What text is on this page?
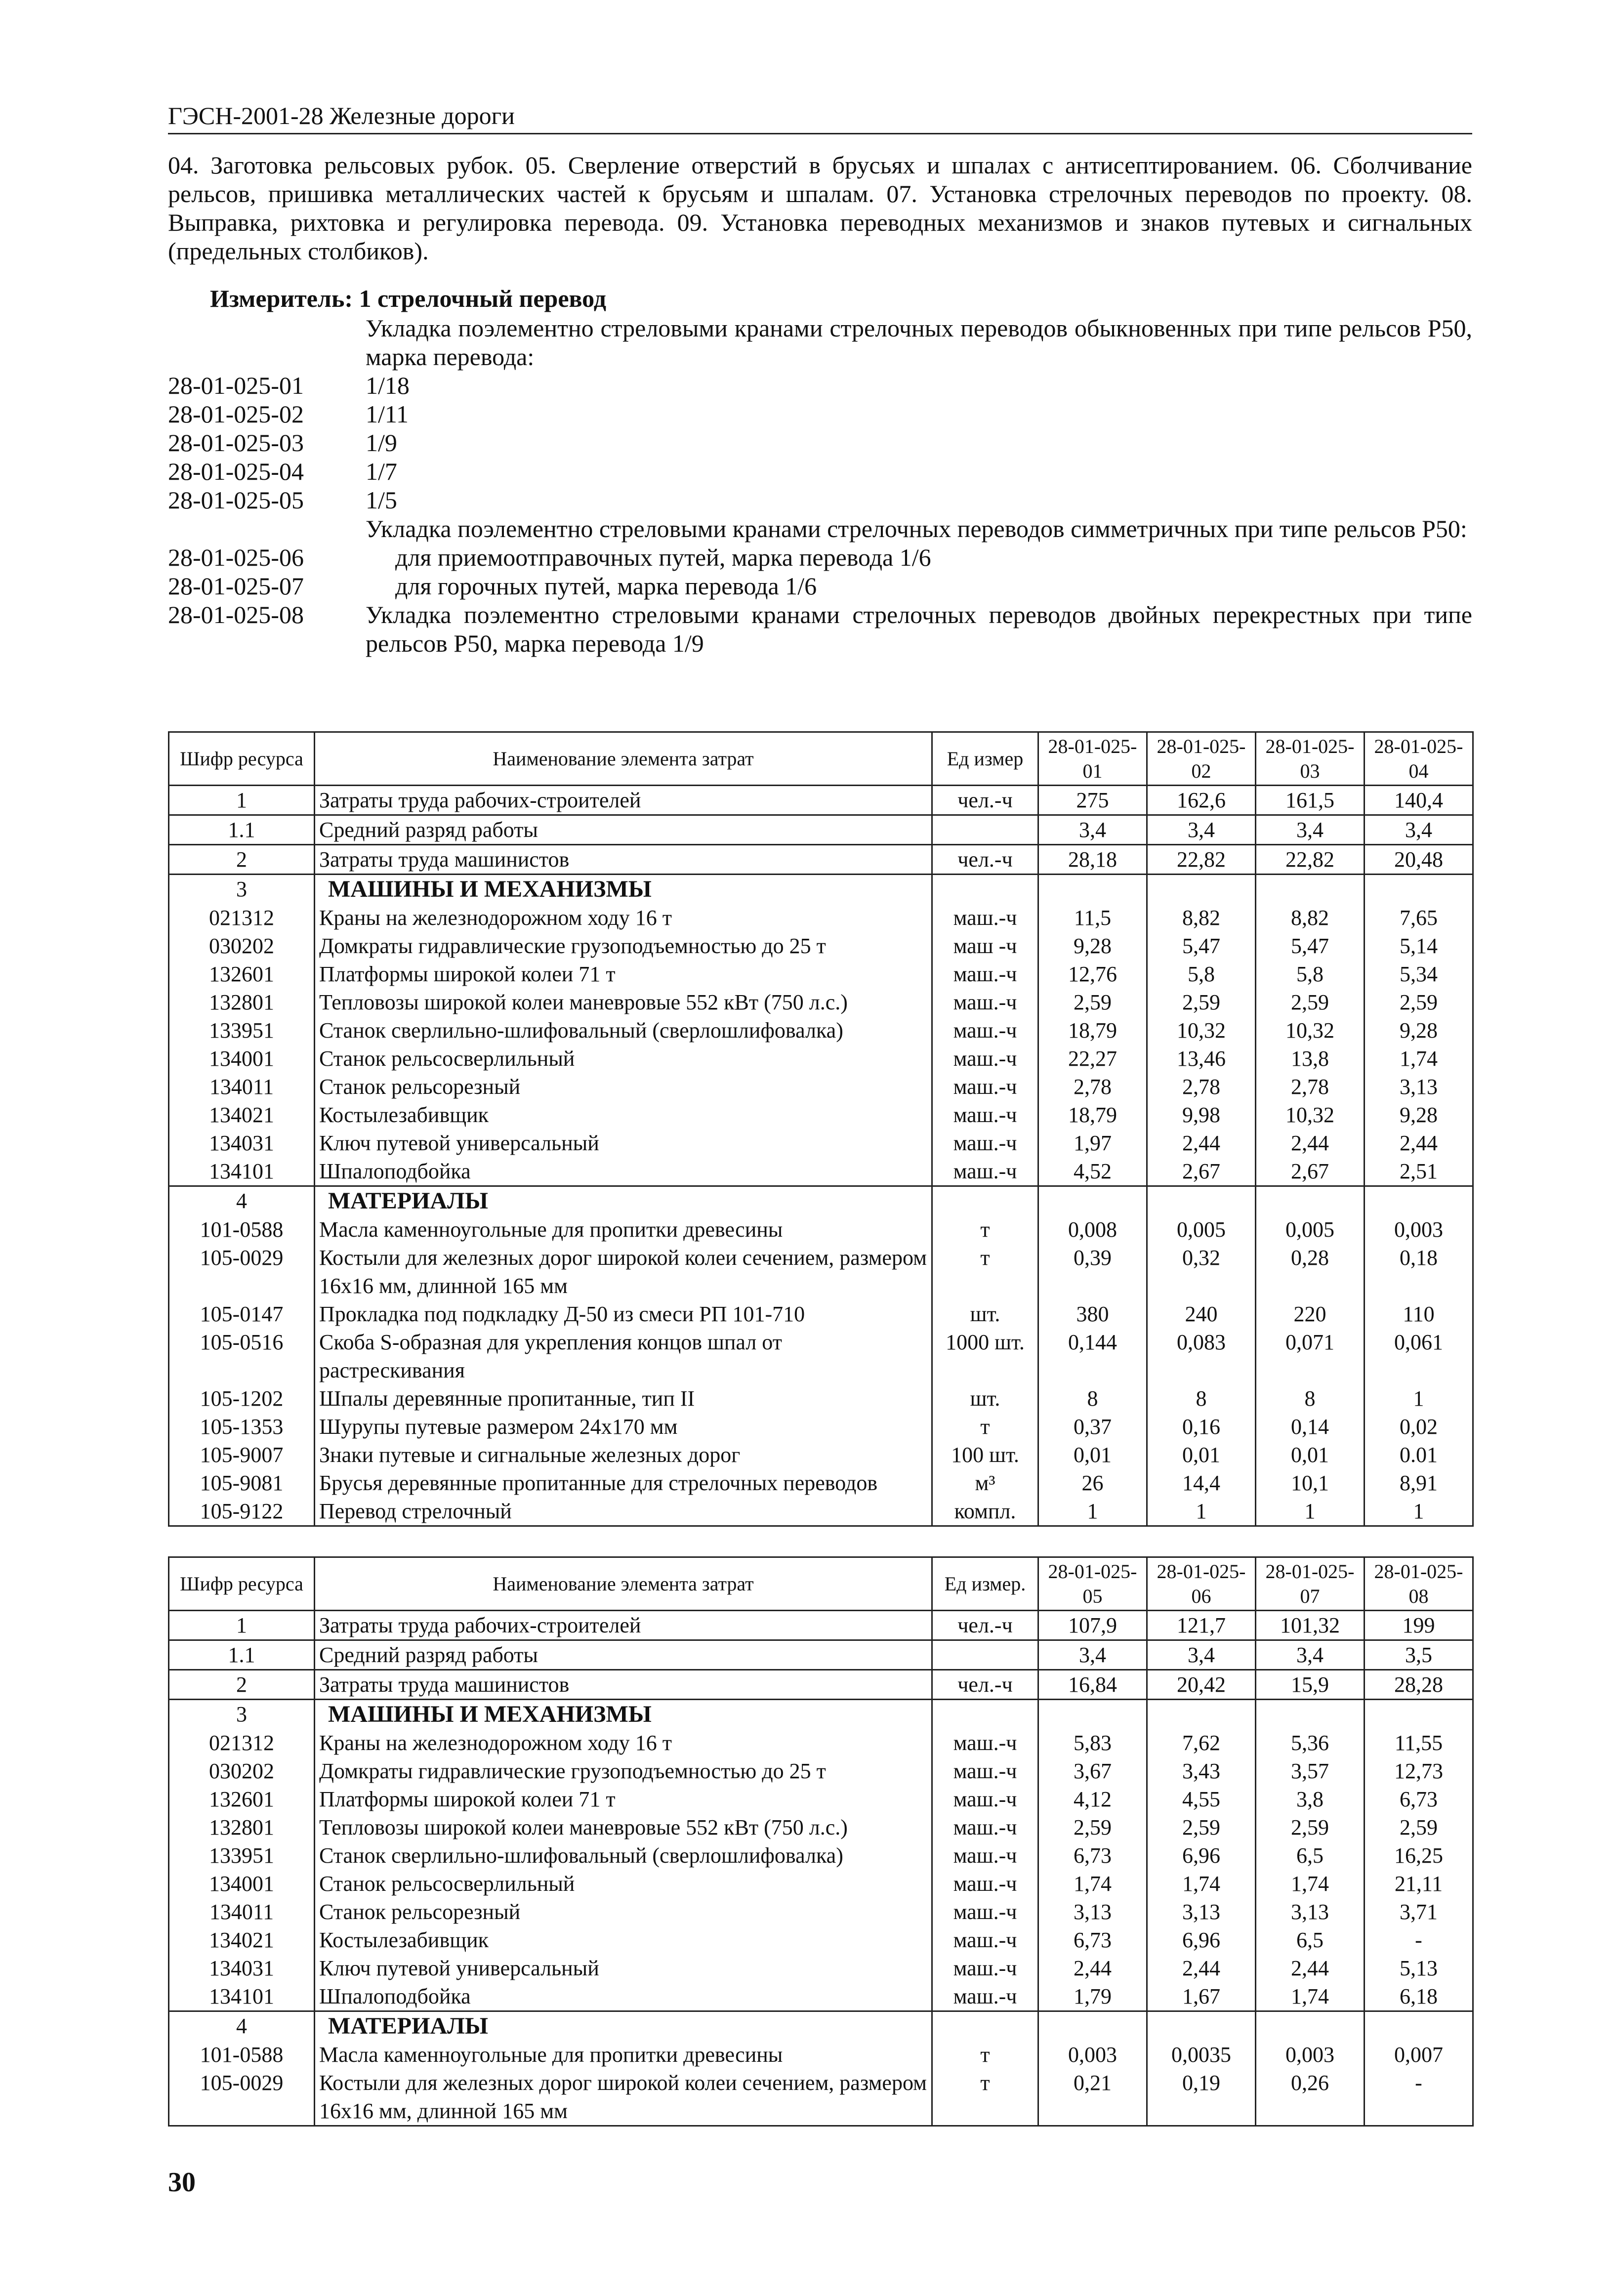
ГЭСН-2001-28 Железные дороги
04. Заготовка рельсовых рубок. 05. Сверление отверстий в брусьях и шпалах с антисептированием. 06. Сболчивание рельсов, пришивка металлических частей к брусьям и шпалам. 07. Установка стрелочных переводов по проекту. 08. Выправка, рихтовка и регулировка перевода. 09. Установка переводных механизмов и знаков путевых и сигнальных (предельных столбиков).
Измеритель: 1 стрелочный перевод
Укладка поэлементно стреловыми кранами стрелочных переводов обыкновенных при типе рельсов Р50, марка перевода:
28-01-025-01	1/18
28-01-025-02	1/11
28-01-025-03	1/9
28-01-025-04	1/7
28-01-025-05	1/5
Укладка поэлементно стреловыми кранами стрелочных переводов симметричных при типе рельсов Р50:
28-01-025-06	для приемоотправочных путей, марка перевода 1/6
28-01-025-07	для горочных путей, марка перевода 1/6
28-01-025-08	Укладка поэлементно стреловыми кранами стрелочных переводов двойных перекрестных при типе рельсов Р50, марка перевода 1/9
Шифр ресурса	Наименование элемента затрат	Ед измер	28-01-025-01	28-01-025-02	28-01-025-03	28-01-025-04
1	Затраты труда рабочих-строителей	чел.-ч	275	162,6	161,5	140,4
1.1	Средний разряд работы		3,4	3,4	3,4	3,4
2	Затраты труда машинистов	чел.-ч	28,18	22,82	22,82	20,48
3	МАШИНЫ И МЕХАНИЗМЫ					
021312	Краны на железнодорожном ходу 16 т	маш.-ч	11,5	8,82	8,82	7,65
030202	Домкраты гидравлические грузоподъемностью до 25 т	маш -ч	9,28	5,47	5,47	5,14
132601	Платформы широкой колеи 71 т	маш.-ч	12,76	5,8	5,8	5,34
132801	Тепловозы широкой колеи маневровые 552 кВт (750 л.с.)	маш.-ч	2,59	2,59	2,59	2,59
133951	Станок сверлильно-шлифовальный (сверлошлифовалка)	маш.-ч	18,79	10,32	10,32	9,28
134001	Станок рельсосверлильный	маш.-ч	22,27	13,46	13,8	1,74
134011	Станок рельсорезный	маш.-ч	2,78	2,78	2,78	3,13
134021	Костылезабивщик	маш.-ч	18,79	9,98	10,32	9,28
134031	Ключ путевой универсальный	маш.-ч	1,97	2,44	2,44	2,44
134101	Шпалоподбойка	маш.-ч	4,52	2,67	2,67	2,51
4	МАТЕРИАЛЫ					
101-0588	Масла каменноугольные для пропитки древесины	т	0,008	0,005	0,005	0,003
105-0029	Костыли для железных дорог широкой колеи сечением, размером 16х16 мм, длинной 165 мм	т	0,39	0,32	0,28	0,18
105-0147	Прокладка под подкладку Д-50 из смеси РП 101-710	шт.	380	240	220	110
105-0516	Скоба S-образная для укрепления концов шпал от растрескивания	1000 шт.	0,144	0,083	0,071	0,061
105-1202	Шпалы деревянные пропитанные, тип II	шт.	8	8	8	1
105-1353	Шурупы путевые размером 24х170 мм	т	0,37	0,16	0,14	0,02
105-9007	Знаки путевые и сигнальные железных дорог	100 шт.	0,01	0,01	0,01	0.01
105-9081	Брусья деревянные пропитанные для стрелочных переводов	м³	26	14,4	10,1	8,91
105-9122	Перевод стрелочный	компл.	1	1	1	1
Шифр ресурса	Наименование элемента затрат	Ед измер.	28-01-025-05	28-01-025-06	28-01-025-07	28-01-025-08
1	Затраты труда рабочих-строителей	чел.-ч	107,9	121,7	101,32	199
1.1	Средний разряд работы		3,4	3,4	3,4	3,5
2	Затраты труда машинистов	чел.-ч	16,84	20,42	15,9	28,28
3	МАШИНЫ И МЕХАНИЗМЫ					
021312	Краны на железнодорожном ходу 16 т	маш.-ч	5,83	7,62	5,36	11,55
030202	Домкраты гидравлические грузоподъемностью до 25 т	маш.-ч	3,67	3,43	3,57	12,73
132601	Платформы широкой колеи 71 т	маш.-ч	4,12	4,55	3,8	6,73
132801	Тепловозы широкой колеи маневровые 552 кВт (750 л.с.)	маш.-ч	2,59	2,59	2,59	2,59
133951	Станок сверлильно-шлифовальный (сверлошлифовалка)	маш.-ч	6,73	6,96	6,5	16,25
134001	Станок рельсосверлильный	маш.-ч	1,74	1,74	1,74	21,11
134011	Станок рельсорезный	маш.-ч	3,13	3,13	3,13	3,71
134021	Костылезабивщик	маш.-ч	6,73	6,96	6,5	-
134031	Ключ путевой универсальный	маш.-ч	2,44	2,44	2,44	5,13
134101	Шпалоподбойка	маш.-ч	1,79	1,67	1,74	6,18
4	МАТЕРИАЛЫ					
101-0588	Масла каменноугольные для пропитки древесины	т	0,003	0,0035	0,003	0,007
105-0029	Костыли для железных дорог широкой колеи сечением, размером 16х16 мм, длинной 165 мм	т	0,21	0,19	0,26	-
30
